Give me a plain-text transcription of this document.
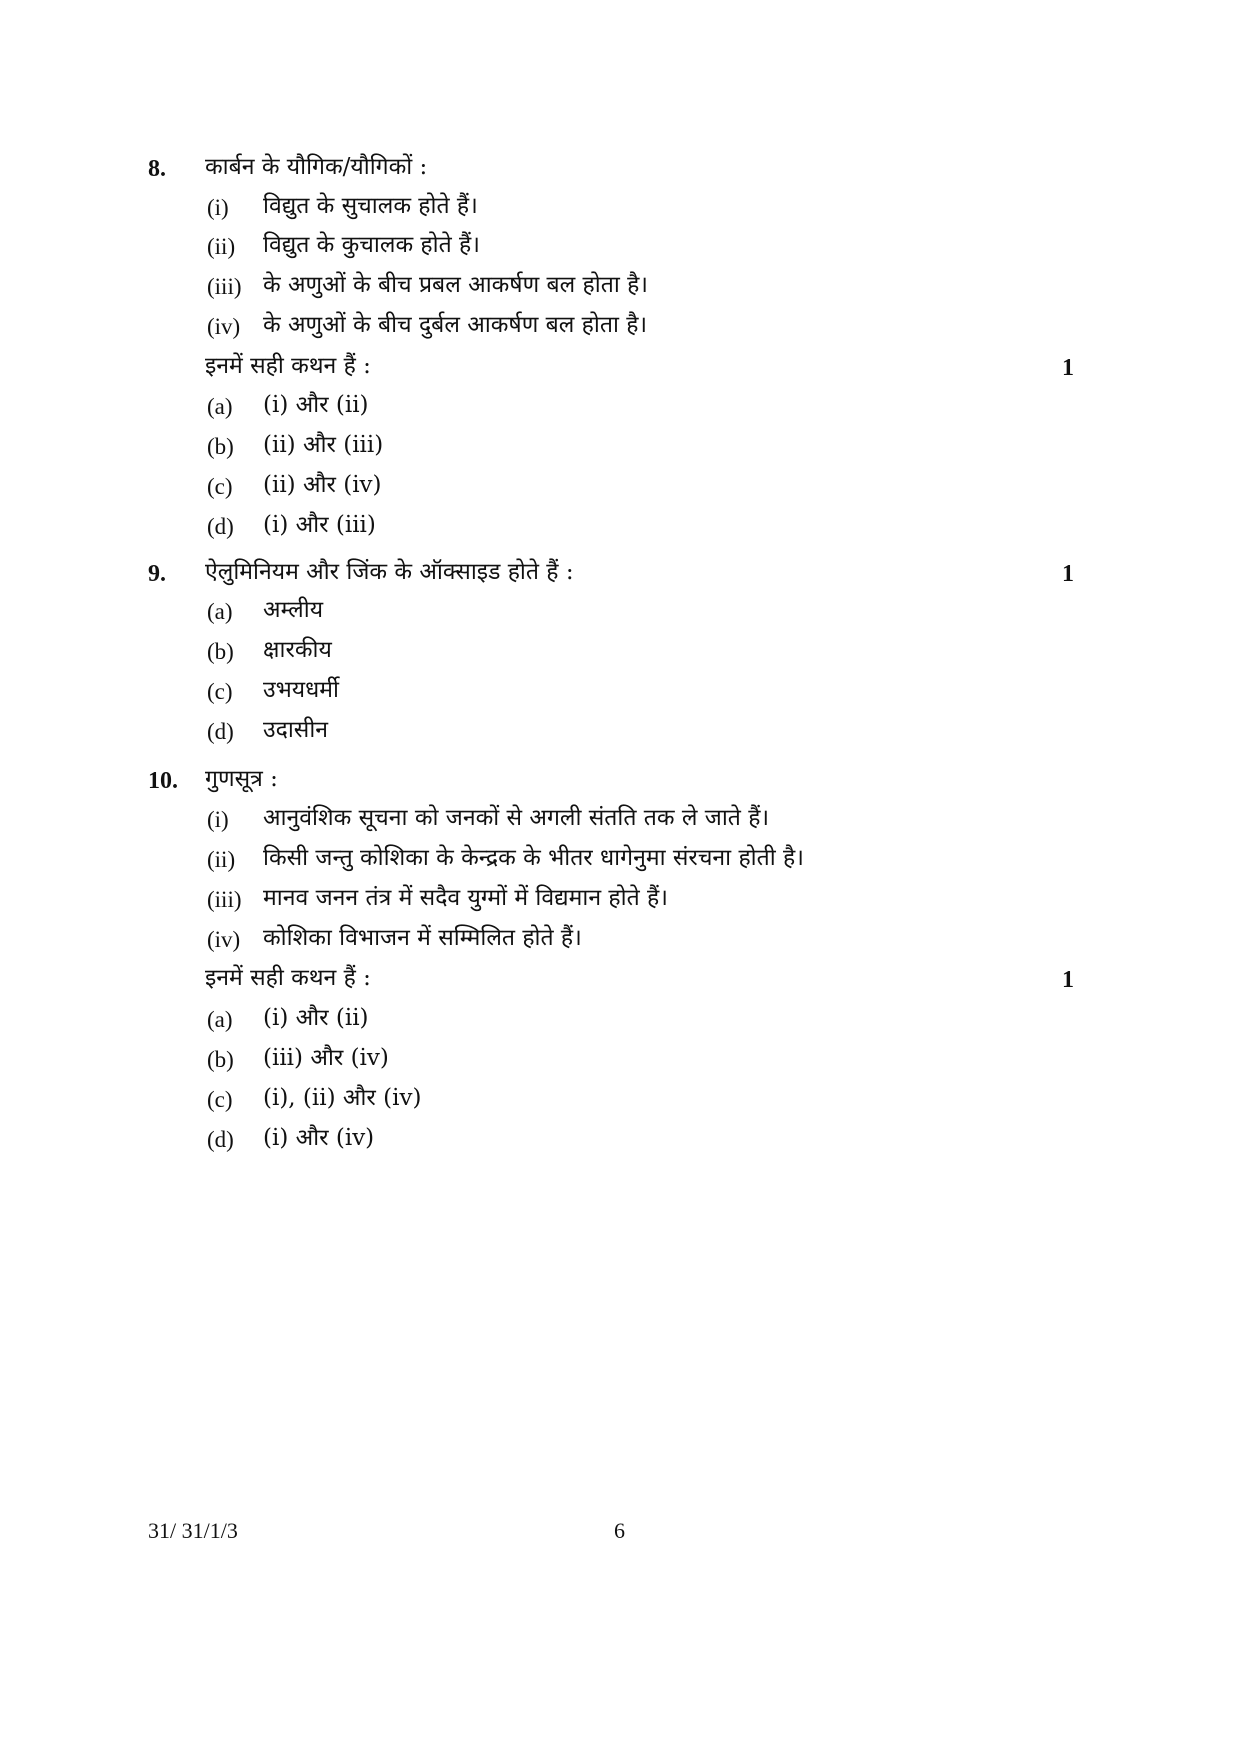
8. कार्बन के यौगिक/यौगिकों :
(i) विद्युत के सुचालक होते हैं।
(ii) विद्युत के कुचालक होते हैं।
(iii) के अणुओं के बीच प्रबल आकर्षण बल होता है।
(iv) के अणुओं के बीच दुर्बल आकर्षण बल होता है।
इनमें सही कथन हैं :	1
(a) (i) और (ii)
(b) (ii) और (iii)
(c) (ii) और (iv)
(d) (i) और (iii)
9. ऐलुमिनियम और जिंक के ऑक्साइड होते हैं :	1
(a) अम्लीय
(b) क्षारकीय
(c) उभयधर्मी
(d) उदासीन
10. गुणसूत्र :
(i) आनुवंशिक सूचना को जनकों से अगली संतति तक ले जाते हैं।
(ii) किसी जन्तु कोशिका के केन्द्रक के भीतर धागेनुमा संरचना होती है।
(iii) मानव जनन तंत्र में सदैव युग्मों में विद्यमान होते हैं।
(iv) कोशिका विभाजन में सम्मिलित होते हैं।
इनमें सही कथन हैं :	1
(a) (i) और (ii)
(b) (iii) और (iv)
(c) (i), (ii) और (iv)
(d) (i) और (iv)
31/ 31/1/3	6
